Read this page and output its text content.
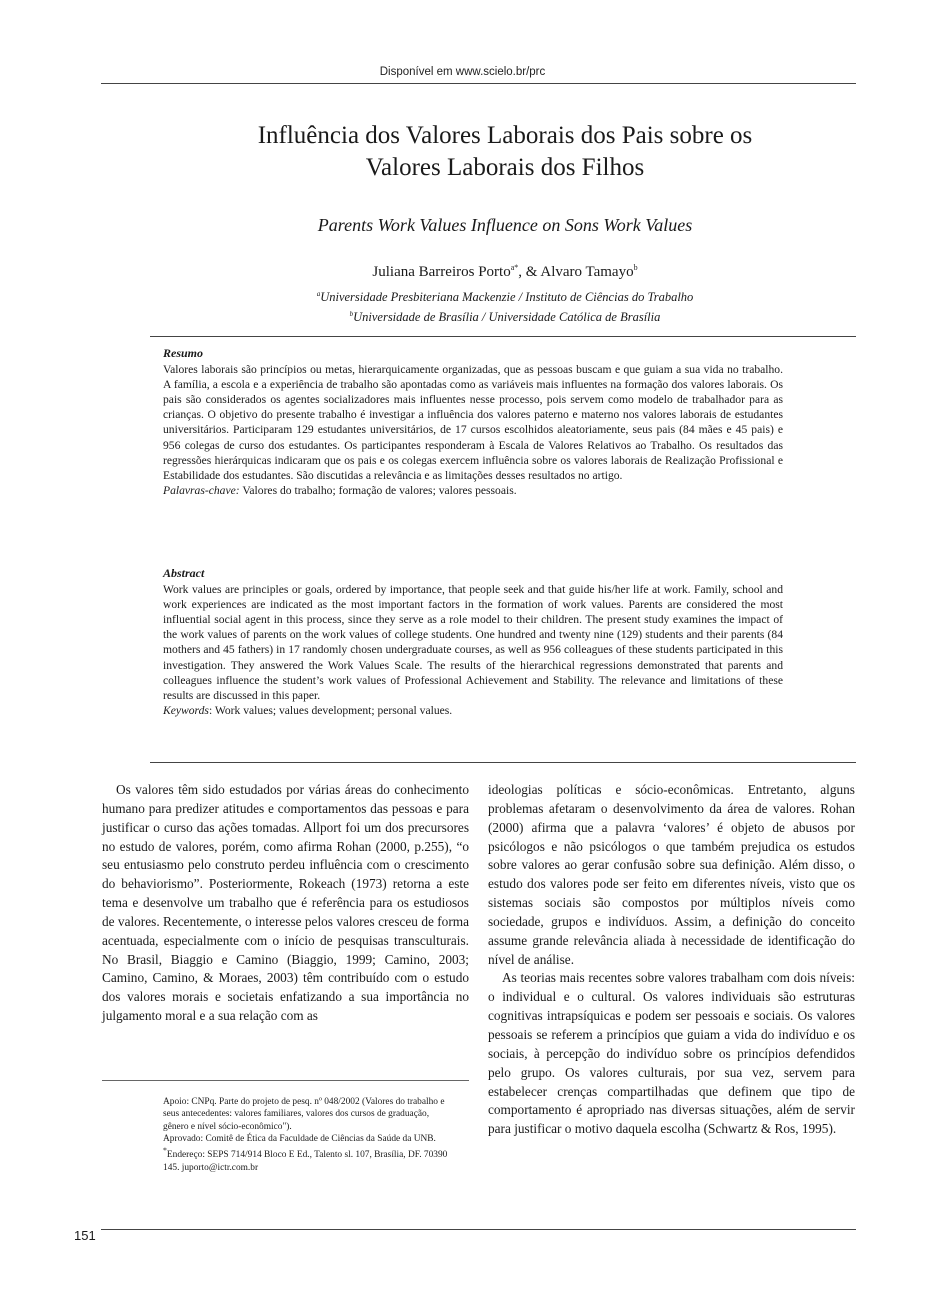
Disponível em www.scielo.br/prc
Influência dos Valores Laborais dos Pais sobre os
Valores Laborais dos Filhos
Parents Work Values Influence on Sons Work Values
Juliana Barreiros Porto$^{a*}$, & Alvaro Tamayo$^b$
$^a$Universidade Presbiteriana Mackenzie / Instituto de Ciências do Trabalho
$^b$Universidade de Brasília / Universidade Católica de Brasília
Resumo
Valores laborais são princípios ou metas, hierarquicamente organizadas, que as pessoas buscam e que guiam a sua vida no trabalho. A família, a escola e a experiência de trabalho são apontadas como as variáveis mais influentes na formação dos valores laborais. Os pais são considerados os agentes socializadores mais influentes nesse processo, pois servem como modelo de trabalhador para as crianças. O objetivo do presente trabalho é investigar a influência dos valores paterno e materno nos valores laborais de estudantes universitários. Participaram 129 estudantes universitários, de 17 cursos escolhidos aleatoriamente, seus pais (84 mães e 45 pais) e 956 colegas de curso dos estudantes. Os participantes responderam à Escala de Valores Relativos ao Trabalho. Os resultados das regressões hierárquicas indicaram que os pais e os colegas exercem influência sobre os valores laborais de Realização Profissional e Estabilidade dos estudantes. São discutidas a relevância e as limitações desses resultados no artigo.
Palavras-chave: Valores do trabalho; formação de valores; valores pessoais.
Abstract
Work values are principles or goals, ordered by importance, that people seek and that guide his/her life at work. Family, school and work experiences are indicated as the most important factors in the formation of work values. Parents are considered the most influential social agent in this process, since they serve as a role model to their children. The present study examines the impact of the work values of parents on the work values of college students. One hundred and twenty nine (129) students and their parents (84 mothers and 45 fathers) in 17 randomly chosen undergraduate courses, as well as 956 colleagues of these students participated in this investigation. They answered the Work Values Scale. The results of the hierarchical regressions demonstrated that parents and colleagues influence the student’s work values of Professional Achievement and Stability. The relevance and limitations of these results are discussed in this paper.
Keywords: Work values; values development; personal values.

Os valores têm sido estudados por várias áreas do conhecimento humano para predizer atitudes e comportamentos das pessoas e para justificar o curso das ações tomadas. Allport foi um dos precursores no estudo de valores, porém, como afirma Rohan (2000, p.255), “o seu entusiasmo pelo construto perdeu influência com o crescimento do behaviorismo”. Posteriormente, Rokeach (1973) retorna a este tema e desenvolve um trabalho que é referência para os estudiosos de valores. Recentemente, o interesse pelos valores cresceu de forma acentuada, especialmente com o início de pesquisas transculturais. No Brasil, Biaggio e Camino (Biaggio, 1999; Camino, 2003; Camino, Camino, & Moraes, 2003) têm contribuído com o estudo dos valores morais e societais enfatizando a sua importância no julgamento moral e a sua relação com as

Apoio: CNPq. Parte do projeto de pesq. nº 048/2002 (Valores do trabalho e seus antecedentes: valores familiares, valores dos cursos de graduação, gênero e nível sócio-econômico").

Aprovado: Comitê de Ética da Faculdade de Ciências da Saúde da UNB.

*Endereço: SEPS 714/914 Bloco E Ed., Talento sl. 107, Brasília, DF. 70390 145. juporto@ictr.com.br

ideologias políticas e sócio-econômicas. Entretanto, alguns problemas afetaram o desenvolvimento da área de valores. Rohan (2000) afirma que a palavra ‘valores’ é objeto de abusos por psicólogos e não psicólogos o que também prejudica os estudos sobre valores ao gerar confusão sobre sua definição. Além disso, o estudo dos valores pode ser feito em diferentes níveis, visto que os sistemas sociais são compostos por múltiplos níveis como sociedade, grupos e indivíduos. Assim, a definição do conceito assume grande relevância aliada à necessidade de identificação do nível de análise.

As teorias mais recentes sobre valores trabalham com dois níveis: o individual e o cultural. Os valores individuais são estruturas cognitivas intrapsíquicas e podem ser pessoais e sociais. Os valores pessoais se referem a princípios que guiam a vida do indivíduo e os sociais, à percepção do indivíduo sobre os princípios defendidos pelo grupo. Os valores culturais, por sua vez, servem para estabelecer crenças compartilhadas que definem que tipo de comportamento é apropriado nas diversas situações, além de servir para justificar o motivo daquela escolha (Schwartz & Ros, 1995).

151
